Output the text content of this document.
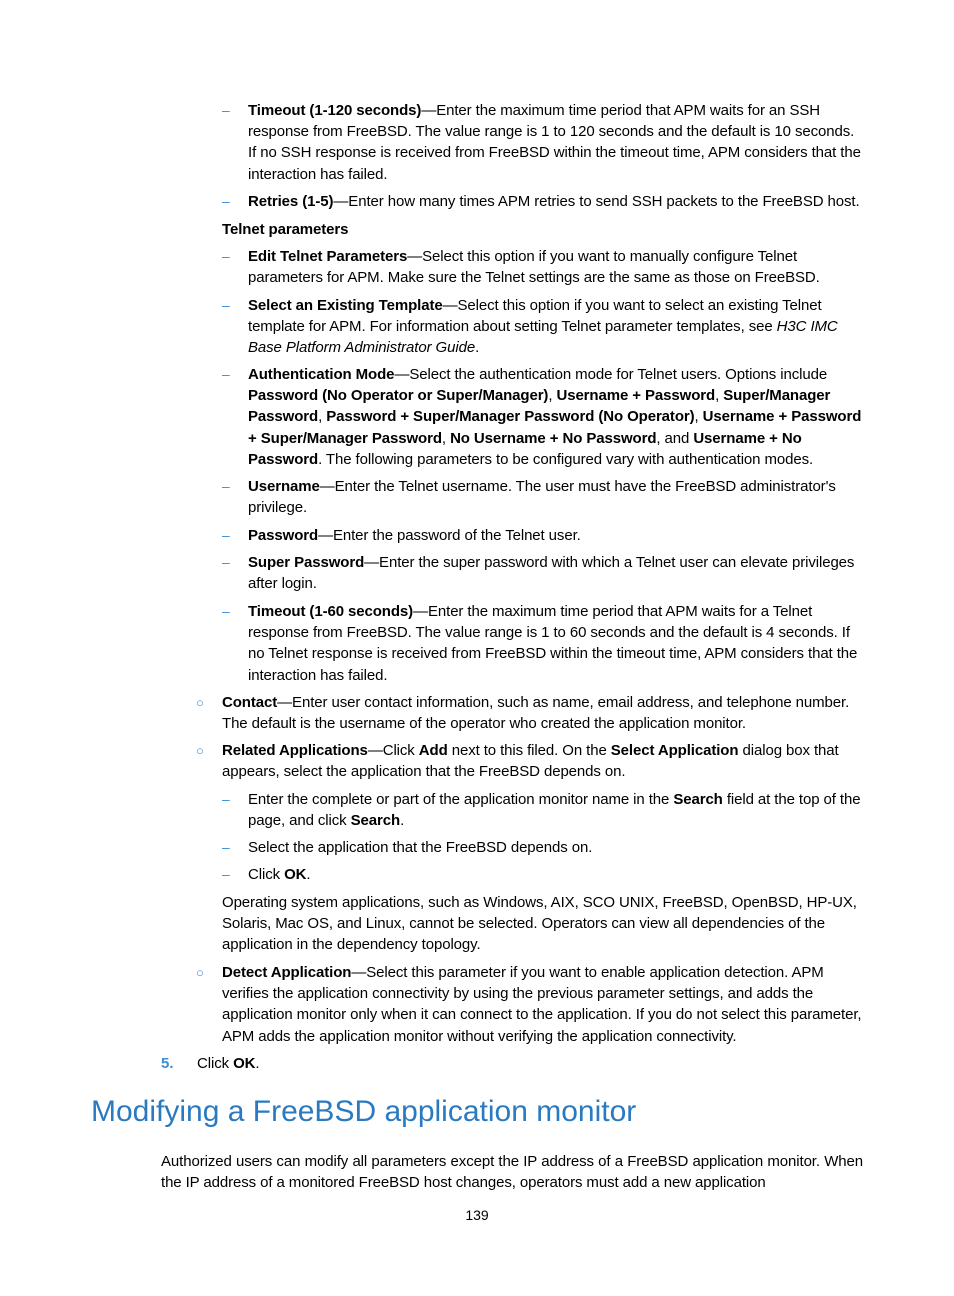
– Timeout (1-120 seconds)—Enter the maximum time period that APM waits for an SSH response from FreeBSD. The value range is 1 to 120 seconds and the default is 10 seconds. If no SSH response is received from FreeBSD within the timeout time, APM considers that the interaction has failed.
– Retries (1-5)—Enter how many times APM retries to send SSH packets to the FreeBSD host.
Telnet parameters
– Edit Telnet Parameters—Select this option if you want to manually configure Telnet parameters for APM. Make sure the Telnet settings are the same as those on FreeBSD.
– Select an Existing Template—Select this option if you want to select an existing Telnet template for APM. For information about setting Telnet parameter templates, see H3C IMC Base Platform Administrator Guide.
– Authentication Mode—Select the authentication mode for Telnet users. Options include Password (No Operator or Super/Manager), Username + Password, Super/Manager Password, Password + Super/Manager Password (No Operator), Username + Password + Super/Manager Password, No Username + No Password, and Username + No Password. The following parameters to be configured vary with authentication modes.
– Username—Enter the Telnet username. The user must have the FreeBSD administrator's privilege.
– Password—Enter the password of the Telnet user.
– Super Password—Enter the super password with which a Telnet user can elevate privileges after login.
– Timeout (1-60 seconds)—Enter the maximum time period that APM waits for a Telnet response from FreeBSD. The value range is 1 to 60 seconds and the default is 4 seconds. If no Telnet response is received from FreeBSD within the timeout time, APM considers that the interaction has failed.
○ Contact—Enter user contact information, such as name, email address, and telephone number. The default is the username of the operator who created the application monitor.
○ Related Applications—Click Add next to this filed. On the Select Application dialog box that appears, select the application that the FreeBSD depends on.
– Enter the complete or part of the application monitor name in the Search field at the top of the page, and click Search.
– Select the application that the FreeBSD depends on.
– Click OK.
Operating system applications, such as Windows, AIX, SCO UNIX, FreeBSD, OpenBSD, HP-UX, Solaris, Mac OS, and Linux, cannot be selected. Operators can view all dependencies of the application in the dependency topology.
○ Detect Application—Select this parameter if you want to enable application detection. APM verifies the application connectivity by using the previous parameter settings, and adds the application monitor only when it can connect to the application. If you do not select this parameter, APM adds the application monitor without verifying the application connectivity.
5. Click OK.
Modifying a FreeBSD application monitor
Authorized users can modify all parameters except the IP address of a FreeBSD application monitor. When the IP address of a monitored FreeBSD host changes, operators must add a new application
139
